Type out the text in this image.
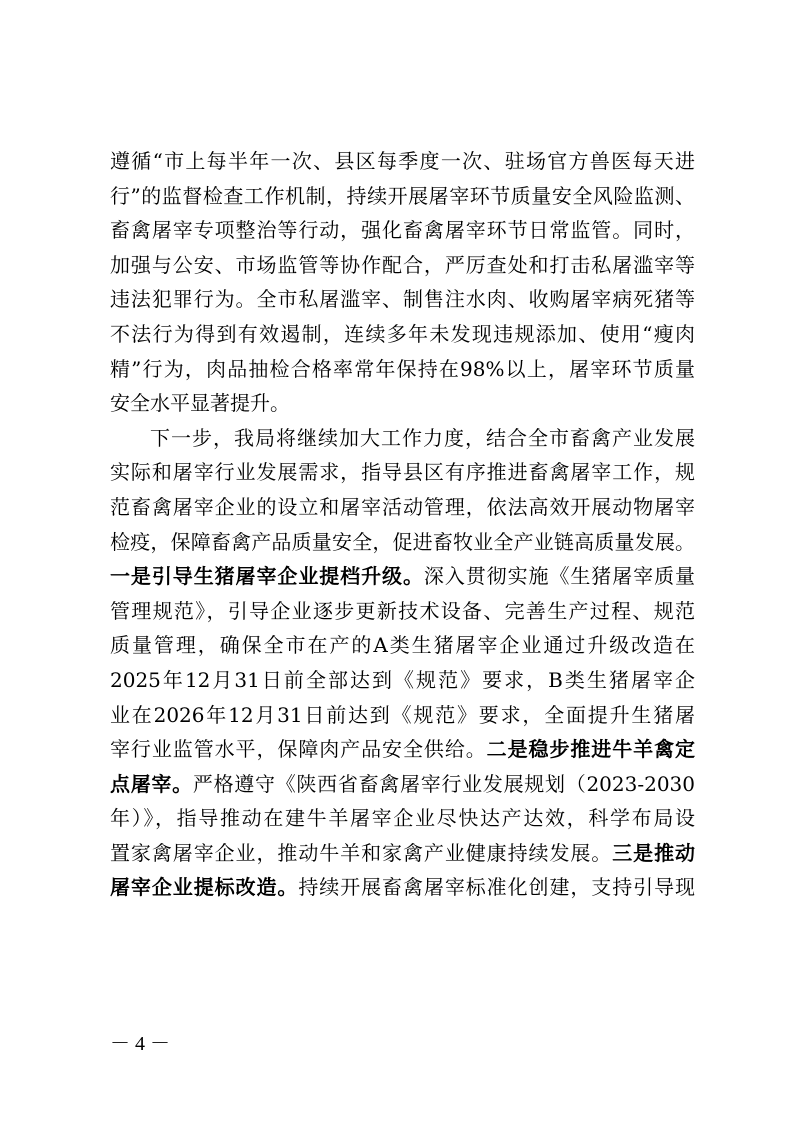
遵循“市上每半年一次、县区每季度一次、驻场官方兽医每天进
行”的监督检查工作机制，持续开展屠宰环节质量安全风险监测、
畜禽屠宰专项整治等行动，强化畜禽屠宰环节日常监管。同时，
加强与公安、市场监管等协作配合，严厉查处和打击私屠滥宰等
违法犯罪行为。全市私屠滥宰、制售注水肉、收购屠宰病死猪等
不法行为得到有效遏制，连续多年未发现违规添加、使用“瘦肉
精”行为，肉品抽检合格率常年保持在98%以上，屠宰环节质量
安全水平显著提升。
下一步，我局将继续加大工作力度，结合全市畜禽产业发展
实际和屠宰行业发展需求，指导县区有序推进畜禽屠宰工作，规
范畜禽屠宰企业的设立和屠宰活动管理，依法高效开展动物屠宰
检疫，保障畜禽产品质量安全，促进畜牧业全产业链高质量发展。
一是引导生猪屠宰企业提档升级。深入贯彻实施《生猪屠宰质量
管理规范》，引导企业逐步更新技术设备、完善生产过程、规范
质量管理，确保全市在产的A类生猪屠宰企业通过升级改造在
2025年12月31日前全部达到《规范》要求，B类生猪屠宰企
业在2026年12月31日前达到《规范》要求，全面提升生猪屠
宰行业监管水平，保障肉产品安全供给。二是稳步推进牛羊禽定
点屠宰。严格遵守《陕西省畜禽屠宰行业发展规划（2023-2030
年）》，指导推动在建牛羊屠宰企业尽快达产达效，科学布局设
置家禽屠宰企业，推动牛羊和家禽产业健康持续发展。三是推动
屠宰企业提标改造。持续开展畜禽屠宰标准化创建，支持引导现
－ 4 －
